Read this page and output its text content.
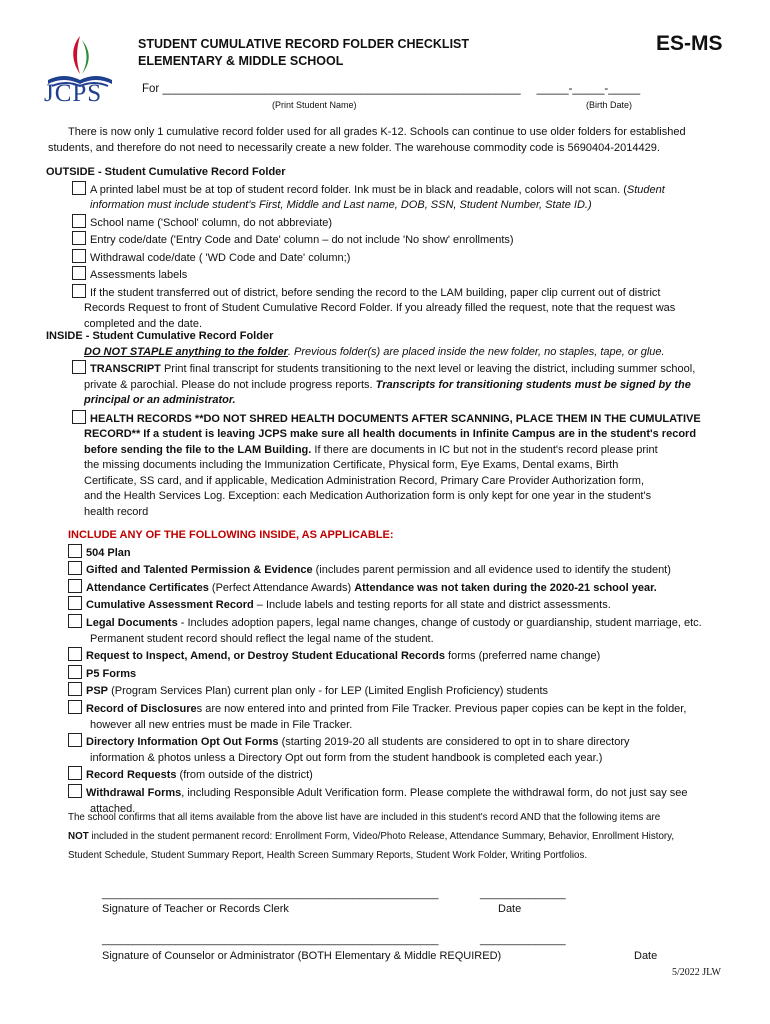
JCPS
STUDENT CUMULATIVE RECORD FOLDER CHECKLIST
ELEMENTARY & MIDDLE SCHOOL
ES-MS
For ________________________________________________________ _____-_____-_____
(Print Student Name)	(Birth Date)
There is now only 1 cumulative record folder used for all grades K-12. Schools can continue to use older folders for established
students, and therefore do not need to necessarily create a new folder. The warehouse commodity code is 5690404-2014429.
OUTSIDE - Student Cumulative Record Folder
A printed label must be at top of student record folder. Ink must be in black and readable, colors will not scan. (Student
information must include student's First, Middle and Last name, DOB, SSN, Student Number, State ID.)
School name ('School' column, do not abbreviate)
Entry code/date ('Entry Code and Date' column – do not include 'No show' enrollments)
Withdrawal code/date ( 'WD Code and Date' column;)
Assessments labels
If the student transferred out of district, before sending the record to the LAM building, paper clip current out of district
Records Request to front of Student Cumulative Record Folder. If you already filled the request, note that the request was
completed and the date.
INSIDE - Student Cumulative Record Folder
DO NOT STAPLE anything to the folder. Previous folder(s) are placed inside the new folder, no staples, tape, or glue.
TRANSCRIPT Print final transcript for students transitioning to the next level or leaving the district, including summer school,
private & parochial. Please do not include progress reports. Transcripts for transitioning students must be signed by the
principal or an administrator.
HEALTH RECORDS **DO NOT SHRED HEALTH DOCUMENTS AFTER SCANNING, PLACE THEM IN THE CUMULATIVE
RECORD** If a student is leaving JCPS make sure all health documents in Infinite Campus are in the student's record
before sending the file to the LAM Building. If there are documents in IC but not in the student's record please print
the missing documents including the Immunization Certificate, Physical form, Eye Exams, Dental exams, Birth
Certificate, SS card, and if applicable, Medication Administration Record, Primary Care Provider Authorization form,
and the Health Services Log. Exception: each Medication Authorization form is only kept for one year in the student's
health record
INCLUDE ANY OF THE FOLLOWING INSIDE, AS APPLICABLE:
504 Plan
Gifted and Talented Permission & Evidence (includes parent permission and all evidence used to identify the student)
Attendance Certificates (Perfect Attendance Awards) Attendance was not taken during the 2020-21 school year.
Cumulative Assessment Record – Include labels and testing reports for all state and district assessments.
Legal Documents - Includes adoption papers, legal name changes, change of custody or guardianship, student marriage, etc.
Permanent student record should reflect the legal name of the student.
Request to Inspect, Amend, or Destroy Student Educational Records forms (preferred name change)
P5 Forms
PSP (Program Services Plan) current plan only - for LEP (Limited English Proficiency) students
Record of Disclosures are now entered into and printed from File Tracker. Previous paper copies can be kept in the folder,
however all new entries must be made in File Tracker.
Directory Information Opt Out Forms (starting 2019-20 all students are considered to opt in to share directory
information & photos unless a Directory Opt out form from the student handbook is completed each year.)
Record Requests (from outside of the district)
Withdrawal Forms, including Responsible Adult Verification form. Please complete the withdrawal form, do not just say see
attached.
The school confirms that all items available from the above list have are included in this student's record AND that the following items are
NOT included in the student permanent record: Enrollment Form, Video/Photo Release, Attendance Summary, Behavior, Enrollment History,
Student Schedule, Student Summary Report, Health Screen Summary Reports, Student Work Folder, Writing Portfolios.
_______________________________________________________	______________
Signature of Teacher or Records Clerk	Date
_______________________________________________________	______________
Signature of Counselor or Administrator (BOTH Elementary & Middle REQUIRED)	Date
5/2022 JLW
